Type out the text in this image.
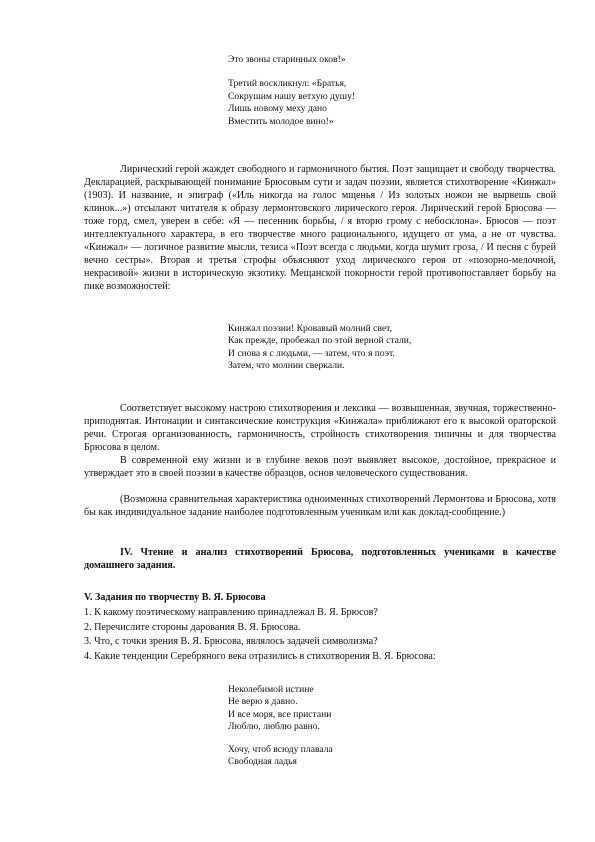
Это звоны старинных оков!»
Третий воскликнул: «Братья,
Сокрушим нашу ветхую душу!
Лишь новому меху дано
Вместить молодое вино!»
Лирический герой жаждет свободного и гармоничного бытия. Поэт защищает и свободу творчества. Декларацией, раскрывающей понимание Брюсовым сути и задач поэзии, является стихотворение «Кинжал» (1903). И название, и эпиграф («Иль никогда на голос мщенья / Из золотых ножон не вырвешь свой клинок...») отсылают читателя к образу лермонтовского лирического героя. Лирический герой Брюсова — тоже горд, смел, уверен в себе: «Я — песенник борьбы, / я вторю грому с небосклона». Брюсов — поэт интеллектуального характера, в его творчестве много рационального, идущего от ума, а не от чувства. «Кинжал» — логичное развитие мысли, тезиса «Поэт всегда с людьми, когда шумит гроза, / И песня с бурей вечно сестры». Вторая и третья строфы объясняют уход лирического героя от «позорно-мелочной, некрасивой» жизни в историческую экзотику. Мещанской покорности герой противопоставляет борьбу на пике возможностей:
Кинжал поэзии! Кровавый молний свет,
Как прежде, пробежал по этой верной стали,
И снова я с людьми, — затем, что я поэт.
Затем, что молнии сверкали.
Соответствует высокому настрою стихотворения и лексика — возвышенная, звучная, торжественно-приподнятая. Интонации и синтаксические конструкция «Кинжала» приближают его к высокой ораторской речи. Строгая организованность, гармоничность, стройность стихотворения типичны и для творчества Брюсова в целом.
В современной ему жизни и в глубине веков поэт выявляет высокое, достойное, прекрасное и утверждает это в своей поэзии в качестве образцов, основ человеческого существования.
(Возможна сравнительная характеристика одноименных стихотворений Лермонтова и Брюсова, хотя бы как индивидуальное задание наиболее подготовленным ученикам или как доклад-сообщение.)
IV. Чтение и анализ стихотворений Брюсова, подготовленных учениками в качестве домашнего задания.
V. Задания по творчеству В. Я. Брюсова
1. К какому поэтическому направлению принадлежал В. Я. Брюсов?
2. Перечислите стороны дарования В. Я. Брюсова.
3. Что, с точки зрения В. Я. Брюсова, являлось задачей символизма?
4. Какие тенденции Серебряного века отразились в стихотворения В. Я. Брюсова:
Неколебимой истине
Не верю я давно.
И все моря, все пристани
Люблю, люблю равно.
Хочу, чтоб всюду плавала
Свободная ладья
